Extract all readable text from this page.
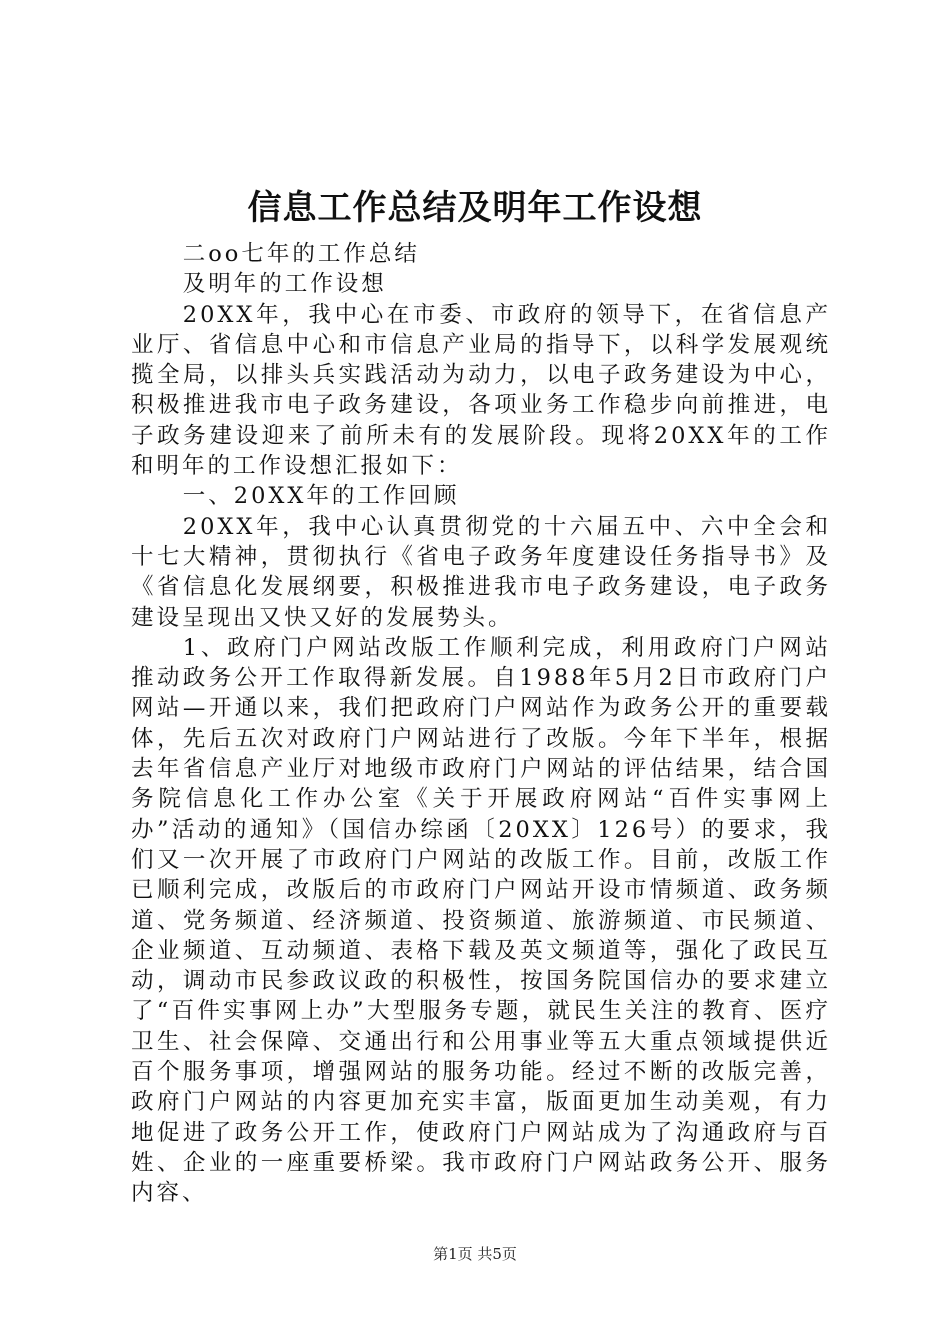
信息工作总结及明年工作设想

二oo七年的工作总结

及明年的工作设想

20XX年，我中心在市委、市政府的领导下，在省信息产业厅、省信息中心和市信息产业局的指导下，以科学发展观统揽全局，以排头兵实践活动为动力，以电子政务建设为中心，积极推进我市电子政务建设，各项业务工作稳步向前推进，电子政务建设迎来了前所未有的发展阶段。现将20XX年的工作和明年的工作设想汇报如下：

一、20XX年的工作回顾

20XX年，我中心认真贯彻党的十六届五中、六中全会和十七大精神，贯彻执行《省电子政务年度建设任务指导书》及《省信息化发展纲要，积极推进我市电子政务建设，电子政务建设呈现出又快又好的发展势头。

1、政府门户网站改版工作顺利完成，利用政府门户网站推动政务公开工作取得新发展。自1988年5月2日市政府门户网站—开通以来，我们把政府门户网站作为政务公开的重要载体，先后五次对政府门户网站进行了改版。今年下半年，根据去年省信息产业厅对地级市政府门户网站的评估结果，结合国务院信息化工作办公室《关于开展政府网站“百件实事网上办”活动的通知》（国信办综函〔20XX〕126号）的要求，我们又一次开展了市政府门户网站的改版工作。目前，改版工作已顺利完成，改版后的市政府门户网站开设市情频道、政务频道、党务频道、经济频道、投资频道、旅游频道、市民频道、企业频道、互动频道、表格下载及英文频道等，强化了政民互动，调动市民参政议政的积极性，按国务院国信办的要求建立了“百件实事网上办”大型服务专题，就民生关注的教育、医疗卫生、社会保障、交通出行和公用事业等五大重点领域提供近百个服务事项，增强网站的服务功能。经过不断的改版完善，政府门户网站的内容更加充实丰富，版面更加生动美观，有力地促进了政务公开工作，使政府门户网站成为了沟通政府与百姓、企业的一座重要桥梁。我市政府门户网站政务公开、服务内容、

第1页 共5页
